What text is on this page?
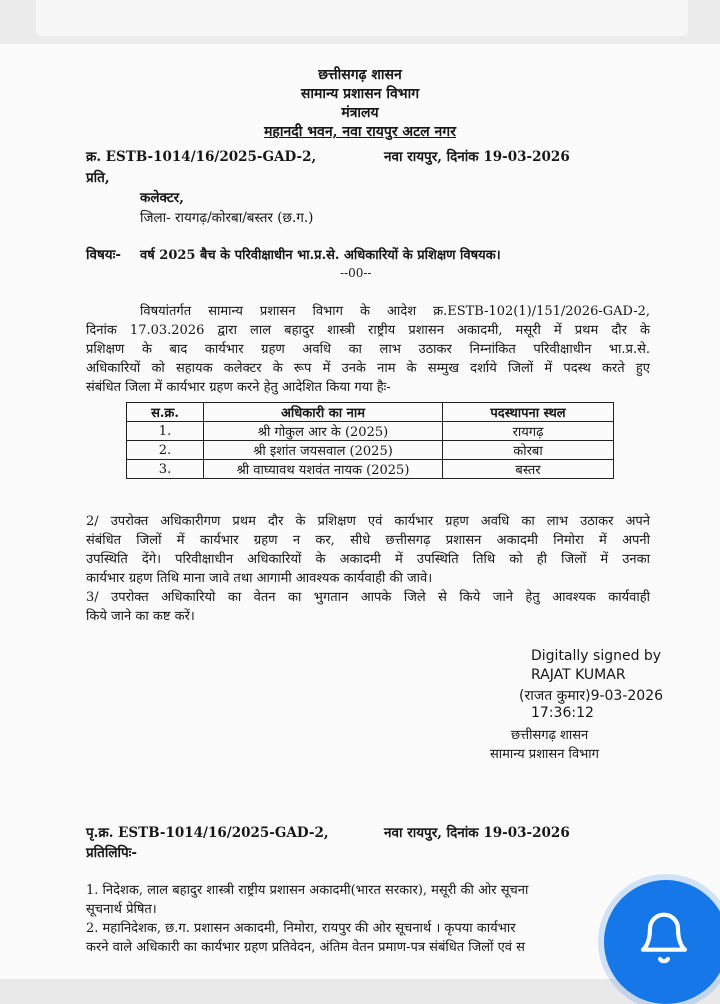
छत्तीसगढ़ शासन
सामान्य प्रशासन विभाग
मंत्रालय
महानदी भवन, नवा रायपुर अटल नगर
क्र. ESTB-1014/16/2025-GAD-2,	नवा रायपुर, दिनांक 19-03-2026
प्रति,
कलेक्टर,
जिला- रायगढ़/कोरबा/बस्तर (छ.ग.)
विषयः- वर्ष 2025 बैच के परिवीक्षाधीन भा.प्र.से. अधिकारियों के प्रशिक्षण विषयक।
--00--
विषयांतर्गत सामान्य प्रशासन विभाग के आदेश क्र.ESTB-102(1)/151/2026-GAD-2,
दिनांक 17.03.2026 द्वारा लाल बहादुर शास्त्री राष्ट्रीय प्रशासन अकादमी, मसूरी में प्रथम दौर के
प्रशिक्षण के बाद कार्यभार ग्रहण अवधि का लाभ उठाकर निम्नांकित परिवीक्षाधीन भा.प्र.से.
अधिकारियों को सहायक कलेक्टर के रूप में उनके नाम के सम्मुख दर्शाये जिलों में पदस्थ करते हुए
संबंधित जिला में कार्यभार ग्रहण करने हेतु आदेशित किया गया हैः-
स.क्र.	अधिकारी का नाम	पदस्थापना स्थल
1.	श्री गोकुल आर के (2025)	रायगढ़
2.	श्री इशांत जयसवाल (2025)	कोरबा
3.	श्री वाघ्यावथ यशवंत नायक (2025)	बस्तर
2/ उपरोक्त अधिकारीगण प्रथम दौर के प्रशिक्षण एवं कार्यभार ग्रहण अवधि का लाभ उठाकर अपने
संबंधित जिलों में कार्यभार ग्रहण न कर, सीधे छत्तीसगढ़ प्रशासन अकादमी निमोरा में अपनी
उपस्थिति देंगे। परिवीक्षाधीन अधिकारियों के अकादमी में उपस्थिति तिथि को ही जिलों में उनका
कार्यभार ग्रहण तिथि माना जावे तथा आगामी आवश्यक कार्यवाही की जावे।
3/ उपरोक्त अधिकारियो का वेतन का भुगतान आपके जिले से किये जाने हेतु आवश्यक कार्यवाही
किये जाने का कष्ट करें।
Digitally signed by
RAJAT KUMAR
(राजत कुमार)9-03-2026
17:36:12
छत्तीसगढ़ शासन
सामान्य प्रशासन विभाग
पृ.क्र. ESTB-1014/16/2025-GAD-2,	नवा रायपुर, दिनांक 19-03-2026
प्रतिलिपिः-
1. निदेशक, लाल बहादुर शास्त्री राष्ट्रीय प्रशासन अकादमी(भारत सरकार), मसूरी की ओर सूचना
सूचनार्थ प्रेषित।
2. महानिदेशक, छ.ग. प्रशासन अकादमी, निमोरा, रायपुर की ओर सूचनार्थ । कृपया कार्यभार
करने वाले अधिकारी का कार्यभार ग्रहण प्रतिवेदन, अंतिम वेतन प्रमाण-पत्र संबंधित जिलों एवं स
